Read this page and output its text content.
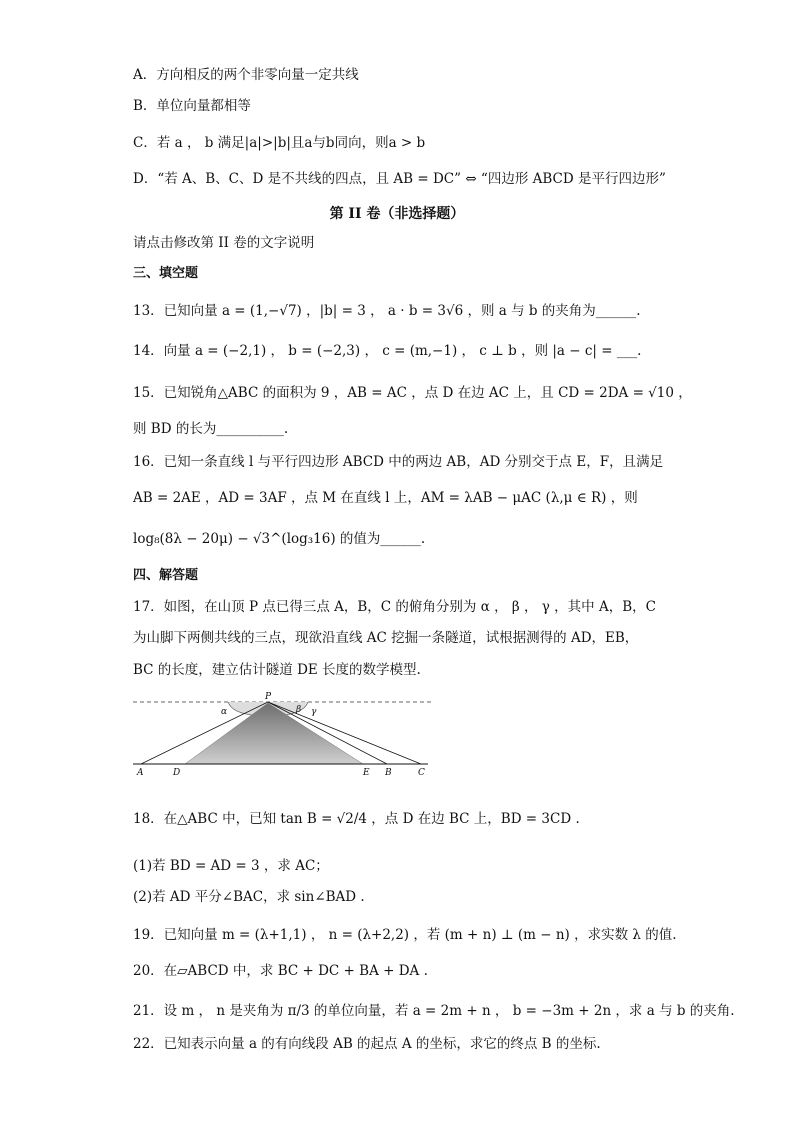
A．方向相反的两个非零向量一定共线
B．单位向量都相等
C．若 a ， b 满足|a|>|b|且a与b同向，则a > b
D．“若 A、B、C、D 是不共线的四点，且 AB = DC” ⇔ “四边形 ABCD 是平行四边形”
第 II 卷（非选择题）
请点击修改第 II 卷的文字说明
三、填空题
13．已知向量 a = (1,−√7) ，|b| = 3 ， a · b = 3√6 ，则 a 与 b 的夹角为______.
14．向量 a = (−2,1) ， b = (−2,3) ， c = (m,−1) ， c ⊥ b ，则 |a − c| = ___.
15．已知锐角△ABC 的面积为 9 ，AB = AC ，点 D 在边 AC 上，且 CD = 2DA = √10 ，
则 BD 的长为__________.
16．已知一条直线 l 与平行四边形 ABCD 中的两边 AB，AD 分别交于点 E，F，且满足
AB = 2AE ，AD = 3AF ，点 M 在直线 l 上，AM = λAB − μAC (λ,μ ∈ R) ，则
log₈(8λ − 20μ) − √3^(log₃16) 的值为______.
四、解答题
17．如图，在山顶 P 点已得三点 A，B，C 的俯角分别为 α ， β ， γ ，其中 A，B，C
为山脚下两侧共线的三点，现欲沿直线 AC 挖掘一条隧道，试根据测得的 AD，EB，
BC 的长度，建立估计隧道 DE 长度的数学模型.
P
α	β γ
A	D	E B	C
18．在△ABC 中，已知 tan B = √2/4 ，点 D 在边 BC 上，BD = 3CD .
(1)若 BD = AD = 3 ，求 AC；
(2)若 AD 平分∠BAC，求 sin∠BAD .
19．已知向量 m = (λ+1,1) ， n = (λ+2,2) ，若 (m + n) ⊥ (m − n) ，求实数 λ 的值.
20．在▱ABCD 中，求 BC + DC + BA + DA .
21．设 m ， n 是夹角为 π/3 的单位向量，若 a = 2m + n ， b = −3m + 2n ，求 a 与 b 的夹角.
22．已知表示向量 a 的有向线段 AB 的起点 A 的坐标，求它的终点 B 的坐标.
